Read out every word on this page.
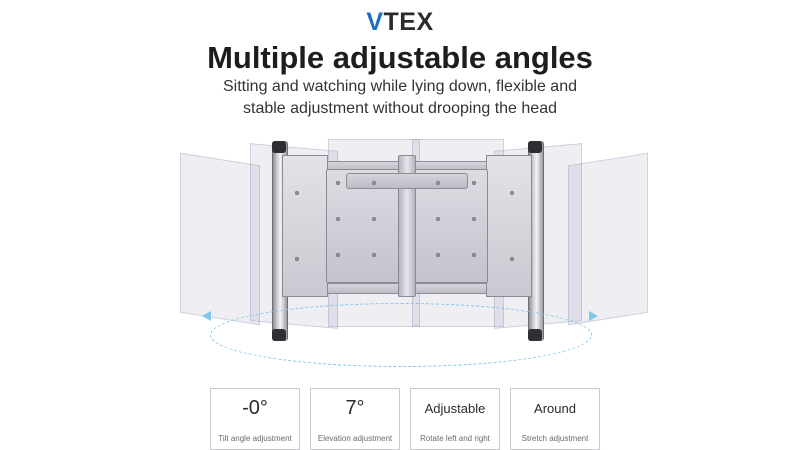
VTEX
Multiple adjustable angles
Sitting and watching while lying down, flexible and
stable adjustment without drooping the head
-0°
Tilt angle adjustment
7°
Elevation adjustment
Adjustable
Rotate left and right
Around
Stretch adjustment
